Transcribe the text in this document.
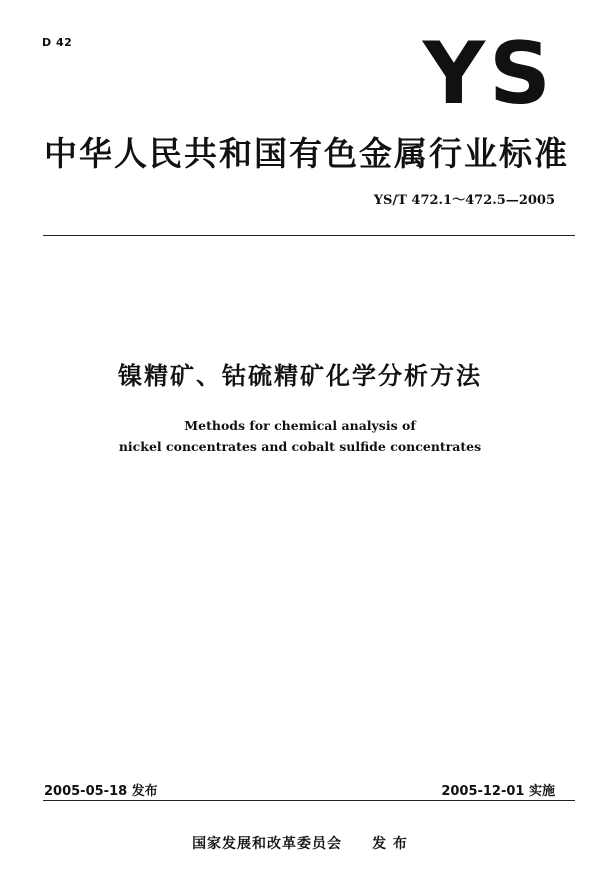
D 42	YS
中华人民共和国有色金属行业标准
YS/T 472.1～472.5—2005
镍精矿、钴硫精矿化学分析方法
Methods for chemical analysis of
nickel concentrates and cobalt sulfide concentrates
2005-05-18 发布	2005-12-01 实施
国家发展和改革委员会 发 布
